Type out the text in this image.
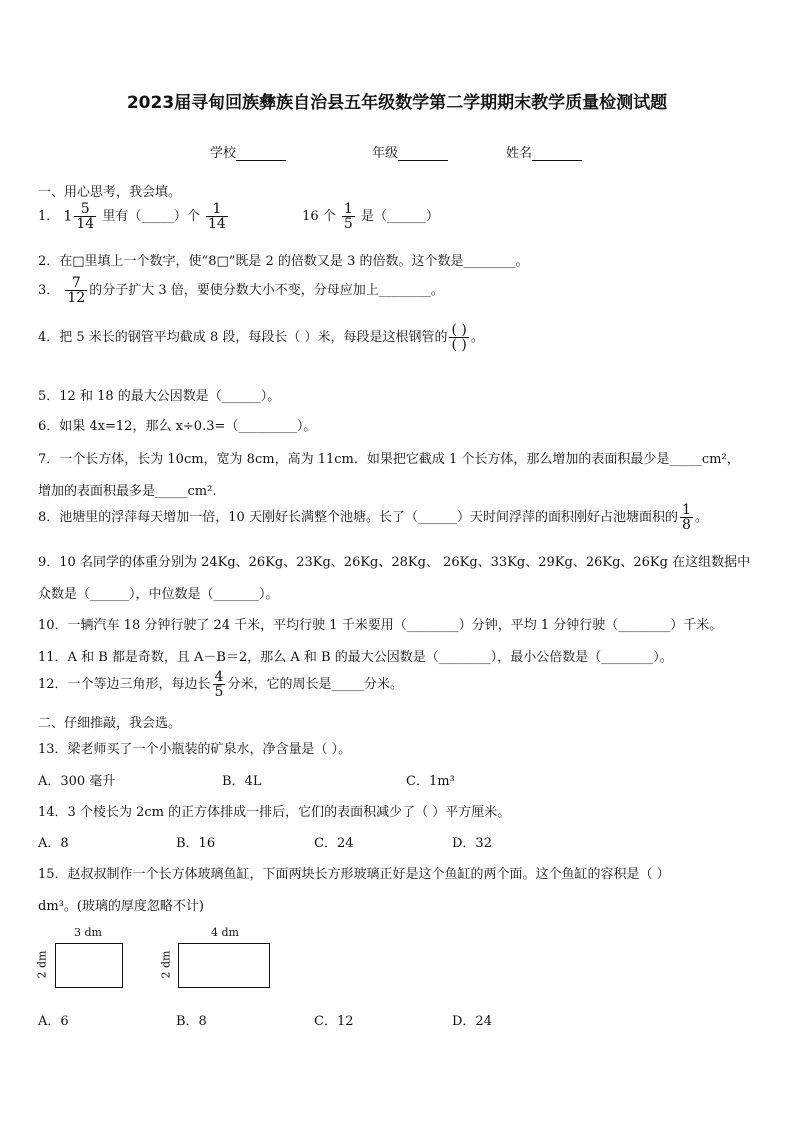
2023届寻甸回族彝族自治县五年级数学第二学期期末教学质量检测试题
学校	年级	姓名
一、用心思考，我会填。
1． $1 \frac{5}{14}$ 里有（_____）个 $\frac{1}{14}$	16 个 $\frac{1}{5}$ 是（______）
2．在□里填上一个数字，使“8□”既是 2 的倍数又是 3 的倍数。这个数是________。
3． $\frac{7}{12}$ 的分子扩大 3 倍，要使分数大小不变，分母应加上________。
4．把 5 米长的钢管平均截成 8 段，每段长（ ）米，每段是这根钢管的 $\frac{( )}{( )}$ 。
5．12 和 18 的最大公因数是（______）。
6．如果 4x=12，那么 x÷0.3=（_________）。
7．一个长方体，长为 10cm，宽为 8cm，高为 11cm．如果把它截成 1 个长方体，那么增加的表面积最少是_____cm²，
增加的表面积最多是_____cm².
8．池塘里的浮萍每天增加一倍，10 天刚好长满整个池塘。长了（______）天时间浮萍的面积刚好占池塘面积的 $\frac{1}{8}$ 。
9．10 名同学的体重分别为 24Kg、26Kg、23Kg、26Kg、28Kg、 26Kg、33Kg、29Kg、26Kg、26Kg 在这组数据中
众数是（______），中位数是（_______）。
10．一辆汽车 18 分钟行驶了 24 千米，平均行驶 1 千米要用（________）分钟，平均 1 分钟行驶（________）千米。
11．A 和 B 都是奇数，且 A－B＝2，那么 A 和 B 的最大公因数是（________），最小公倍数是（________）。
12．一个等边三角形，每边长 $\frac{4}{5}$ 分米，它的周长是_____分米。
二、仔细推敲，我会选。
13．梁老师买了一个小瓶装的矿泉水，净含量是（ ）。
A．300 毫升	B．4L	C．1m³
14．3 个棱长为 2cm 的正方体排成一排后，它们的表面积减少了（ ）平方厘米。
A．8	B．16	C．24	D．32
15．赵叔叔制作一个长方体玻璃鱼缸，下面两块长方形玻璃正好是这个鱼缸的两个面。这个鱼缸的容积是（ ）
dm³。(玻璃的厚度忽略不计)
3 dm
2 dm
4 dm
2 dm
A．6	B．8	C．12	D．24
